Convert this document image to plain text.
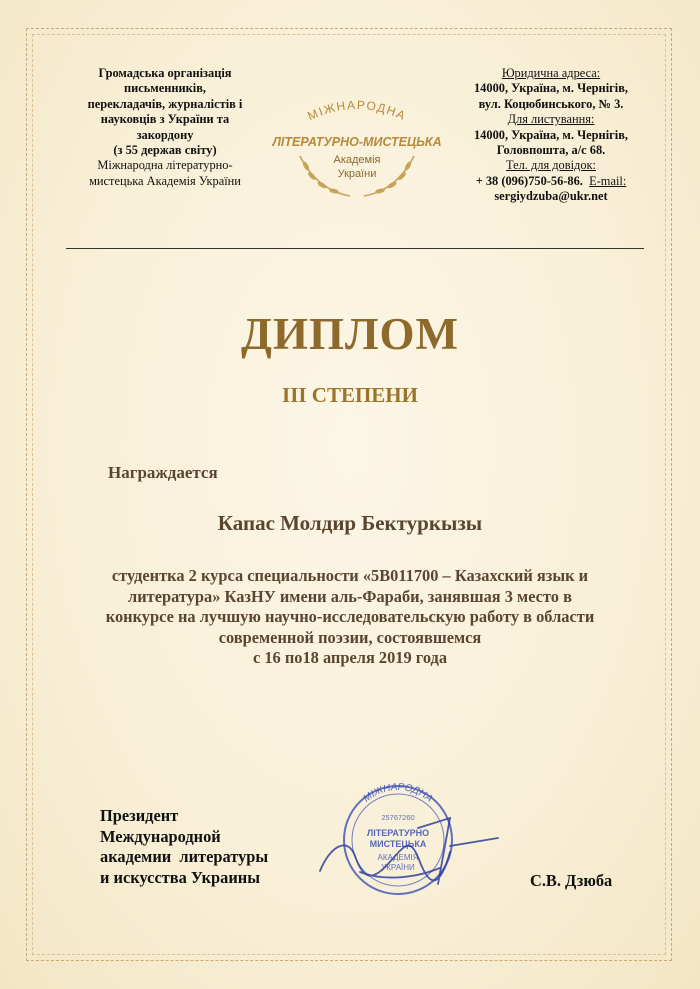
Громадська організація
письменників,
перекладачів, журналістів і
науковців з України та
закордону
(з 55 держав світу)
Міжнародна літературно-
мистецька Академія України
МІЖНАРОДНА
ЛІТЕРАТУРНО-МИСТЕЦЬКА
Академія
України
Юридична адреса:
14000, Україна, м. Чернігів,
вул. Коцюбинського, № 3.
Для листування:
14000, Україна, м. Чернігів,
Головпошта, а/с 68.
Тел. для довідок:
+ 38 (096)750-56-86. E-mail:
sergiydzuba@ukr.net
ДИПЛОМ
III СТЕПЕНИ
Награждается
Капас Молдир Бектуркызы
студентка 2 курса специальности «5В011700 – Казахский язык и
литература» КазНУ имени аль-Фараби, занявшая 3 место в
конкурсе на лучшую научно-исследовательскую работу в области
современной поэзии, состоявшемся
с 16 по18 апреля 2019 года
МІЖНАРОДНА
25767260
ЛІТЕРАТУРНО
МИСТЕЦЬКА
АКАДЕМІЯ
УКРАЇНИ
Президент
Международной
академии  литературы
и искусства Украины	С.В. Дзюба
